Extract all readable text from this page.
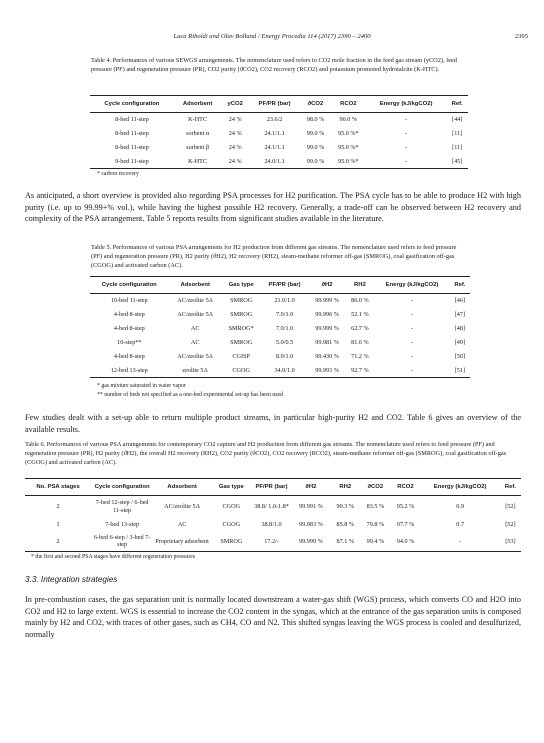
Luca Riboldi and Olav Bolland / Energy Procedia 114 (2017) 2390 – 2400	2395
Table 4. Performances of various SEWGS arrangements. The nomenclature used refers to CO2 mole fraction in the feed gas stream (yCO2), feed pressure (PF) and regeneration pressure (PR), CO2 purity (ϑCO2), CO2 recovery (RCO2) and potassium promoted hydrotalcite (K-HTC).
Cycle configuration	Adsorbent	yCO2	PF/PR (bar)	ϑCO2	RCO2	Energy (kJ/kgCO2)	Ref.
8-bed 11-step	K-HTC	24 %	23.6/2	98.0 %	90.0 %	-	[44]
8-bed 11-step	sorbent α	24 %	24.1/1.1	99.0 %	95.0 %*	-	[11]
8-bed 11-step	sorbent β	24 %	24.1/1.1	99.0 %	95.0 %*	-	[11]
9-bed 11-step	K-HTC	24 %	24.0/1.1	99.0 %	95.0 %*	-	[45]
* carbon recovery
As anticipated, a short overview is provided also regarding PSA processes for H2 purification. The PSA cycle has to be able to produce H2 with high purity (i.e. up to 99.99+% vol.), while having the highest possible H2 recovery. Generally, a trade-off can be observed between H2 recovery and complexity of the PSA arrangement. Table 5 reports results from significant studies available in the literature.
Table 5. Performances of various PSA arrangements for H2 production from different gas streams. The nomenclature used refers to feed pressure (PF) and regeneration pressure (PR), H2 purity (ϑH2), H2 recovery (RH2), steam-methane reformer off-gas (SMROG), coal gasification off-gas (CGOG) and activated carbon (AC).
Cycle configuration	Adsorbent	Gas type	PF/PR (bar)	ϑH2	RH2	Energy (kJ/kgCO2)	Ref.
10-bed 11-step	AC/zeolite 5A	SMROG	21.0/1.0	99.999 %	86.0 %	-	[46]
4-bed 8-step	AC/zeolite 5A	SMROG	7.0/1.0	99.996 %	52.1 %	-	[47]
4-bed 8-step	AC	SMROG*	7.0/1.0	99.999 %	62.7 %	-	[48]
10-step**	AC	SMROG	5.0/0.5	99.981 %	81.6 %	-	[49]
4-bed 8-step	AC/zeolite 5A	CGISP	8.0/1.0	99.430 %	71.2 %	-	[50]
12-bed 13-step	zeolite 5A	CGOG	34.0/1.0	99.993 %	92.7 %	-	[51]
* gas mixture saturated in water vapor
** number of beds not specified as a one-bed experimental set-up has been used
Few studies dealt with a set-up able to return multiple product streams, in particular high-purity H2 and CO2. Table 6 gives an overview of the available results.
Table 6. Performances of various PSA arrangements for contemporary CO2 capture and H2 production from different gas streams. The nomenclature used refers to feed pressure (PF) and regeneration pressure (PR), H2 purity (ϑH2), the overall H2 recovery (RH2), CO2 purity (ϑCO2), CO2 recovery (RCO2), steam-methane reformer off-gas (SMROG), coal gasification off-gas (CGOG) and activated carbon (AC).
No. PSA stages	Cycle configuration	Adsorbent	Gas type	PF/PR (bar)	ϑH2	RH2	ϑCO2	RCO2	Energy (kJ/kgCO2)	Ref.
2	7-bed 12-step / 6-bed 11-step	AC/zeolite 5A	CGOG	38.8/ 1.0-1.8*	99.991 %	90.3 %	83.5 %	95.2 %	0.9	[52]
1	7-bed 13-step	AC	CGOG	38.8/1.0	99.983 %	85.8 %	79.8 %	97.7 %	0.7	[52]
2	6-bed 6-step / 3-bed 7-step	Proprietary adsorbent	SMROG	17.2/-	99.999 %	87.1 %	99.4 %	94.0 %	-	[53]
* the first and second PSA stages have different regeneration pressures
3.3. Integration strategies
In pre-combustion cases, the gas separation unit is normally located downstream a water-gas shift (WGS) process, which converts CO and H2O into CO2 and H2 to large extent. WGS is essential to increase the CO2 content in the syngas, which at the entrance of the gas separation units is composed mainly by H2 and CO2, with traces of other gases, such as CH4, CO and N2. This shifted syngas leaving the WGS process is cooled and desulfurized, normally
